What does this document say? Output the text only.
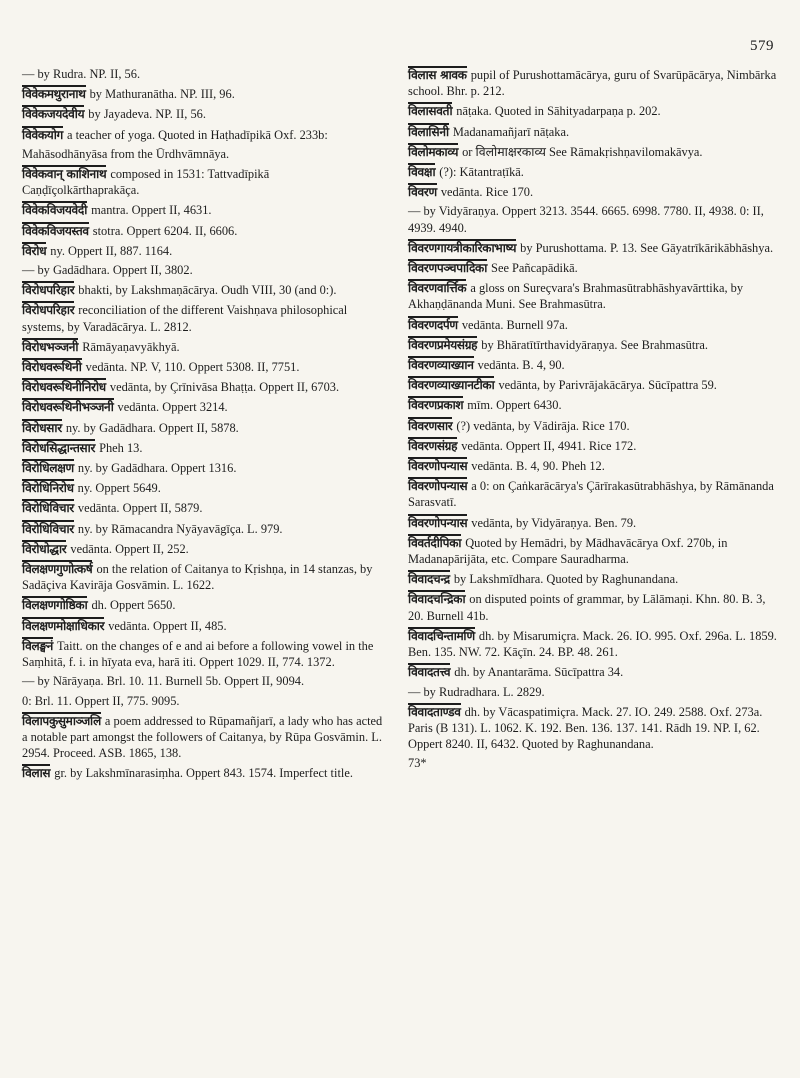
579
— by Rudra. NP. II, 56.
विवेकमथुरानाथ by Mathuranātha. NP. III, 96.
विवेकजयदेवीय by Jayadeva. NP. II, 56.
विवेकयोग a teacher of yoga. Quoted in Haṭhadīpikā Oxf. 233b:
Mahāsodhānyāsa from the Ūrdhvāmnāya.
विवेकवान् काशिनाथ composed in 1531: Tattvadīpikā Caṇḍīçolkārthaprakāça.
विवेकविजयवेदी mantra. Oppert II, 4631.
विवेकविजयस्तव stotra. Oppert 6204. II, 6606.
विरोध ny. Oppert II, 887. 1164.
— by Gadādhara. Oppert II, 3802.
विरोधपरिहार bhakti, by Lakshmaṇācārya. Oudh VIII, 30 (and 0:).
विरोधपरिहार reconciliation of the different Vaishṇava philosophical systems, by Varadācārya. L. 2812.
विरोधभञ्जनी Rāmāyaṇavyākhyā.
विरोधवरूथिनी vedānta. NP. V, 110. Oppert 5308. II, 7751.
विरोधवरूथिनीनिरोध vedānta, by Çrīnivāsa Bhaṭṭa. Oppert II, 6703.
विरोधवरूथिनीभञ्जनी vedānta. Oppert 3214.
विरोधसार ny. by Gadādhara. Oppert II, 5878.
विरोधसिद्धान्तसार Pheh 13.
विरोधिलक्षण ny. by Gadādhara. Oppert 1316.
विरोधिनिरोध ny. Oppert 5649.
विरोधिविचार vedānta. Oppert II, 5879.
विरोधिविचार ny. by Rāmacandra Nyāyavāgīça. L. 979.
विरोधोद्धार vedānta. Oppert II, 252.
विलक्षणगुणोत्कर्ष on the relation of Caitanya to Kṛishṇa, in 14 stanzas, by Sadāçiva Kavirāja Gosvāmin. L. 1622.
विलक्षणगोष्ठिका dh. Oppert 5650.
विलक्षणमोक्षाधिकार vedānta. Oppert II, 485.
विलङ्घनं Taitt. on the changes of e and ai before a following vowel in the Saṃhitā, f. i. in hīyata eva, harā iti. Oppert 1029. II, 774. 1372.
— by Nārāyaṇa. Brl. 10. 11. Burnell 5b. Oppert II, 9094.
0: Brl. 11. Oppert II, 775. 9095.
विलापकुसुमाञ्जलि a poem addressed to Rūpamañjarī, a lady who has acted a notable part amongst the followers of Caitanya, by Rūpa Gosvāmin. L. 2954. Proceed. ASB. 1865, 138.
विलास gr. by Lakshmīnarasiṃha. Oppert 843. 1574. Imperfect title.
विलास श्रावक pupil of Purushottamācārya, guru of Svarūpācārya, Nimbārka school. Bhr. p. 212.
विलासवती nāṭaka. Quoted in Sāhityadarpaṇa p. 202.
विलासिनी Madanamañjarī nāṭaka.
विलोमकाव्य or विलोमाक्षरकाव्य See Rāmakṛishṇavilomakāvya.
विवक्षा (?): Kātantraṭīkā.
विवरण vedānta. Rice 170.
— by Vidyāraṇya. Oppert 3213. 3544. 6665. 6998. 7780. II, 4938. 0: II, 4939. 4940.
विवरणगायत्रीकारिकाभाष्य by Purushottama. P. 13. See Gāyatrīkārikābhāshya.
विवरणपञ्चपादिका See Pañcapādikā.
विवरणवार्त्तिक a gloss on Sureçvara's Brahmasūtrabhāshyavārttika, by Akhaṇḍānanda Muni. See Brahmasūtra.
विवरणदर्पण vedānta. Burnell 97a.
विवरणप्रमेयसंग्रह by Bhāratītīrthavidyāraṇya. See Brahmasūtra.
विवरणव्याख्यान vedānta. B. 4, 90.
विवरणव्याख्यानटीका vedānta, by Parivrājakācārya. Sūcīpattra 59.
विवरणप्रकाश mīm. Oppert 6430.
विवरणसार (?) vedānta, by Vādirāja. Rice 170.
विवरणसंग्रह vedānta. Oppert II, 4941. Rice 172.
विवरणोपन्यास vedānta. B. 4, 90. Pheh 12.
विवरणोपन्यास a 0: on Çaṅkarācārya's Çārīrakasūtrabhāshya, by Rāmānanda Sarasvatī.
विवरणोपन्यास vedānta, by Vidyāraṇya. Ben. 79.
विवर्तदीपिका Quoted by Hemādri, by Mādhavācārya Oxf. 270b, in Madanapārijāta, etc. Compare Sauradharma.
विवादचन्द्र by Lakshmīdhara. Quoted by Raghunandana.
विवादचन्द्रिका on disputed points of grammar, by Lālāmaṇi. Khn. 80. B. 3, 20. Burnell 41b.
विवादचिन्तामणि dh. by Misarumiçra. Mack. 26. IO. 995. Oxf. 296a. L. 1859. Ben. 135. NW. 72. Kāçīn. 24. BP. 48. 261.
विवादतत्त्व dh. by Anantarāma. Sūcīpattra 34.
— by Rudradhara. L. 2829.
विवादताण्डव dh. by Vācaspatimiçra. Mack. 27. IO. 249. 2588. Oxf. 273a. Paris (B 131). L. 1062. K. 192. Ben. 136. 137. 141. Rādh 19. NP. I, 62. Oppert 8240. II, 6432. Quoted by Raghunandana.
73*
